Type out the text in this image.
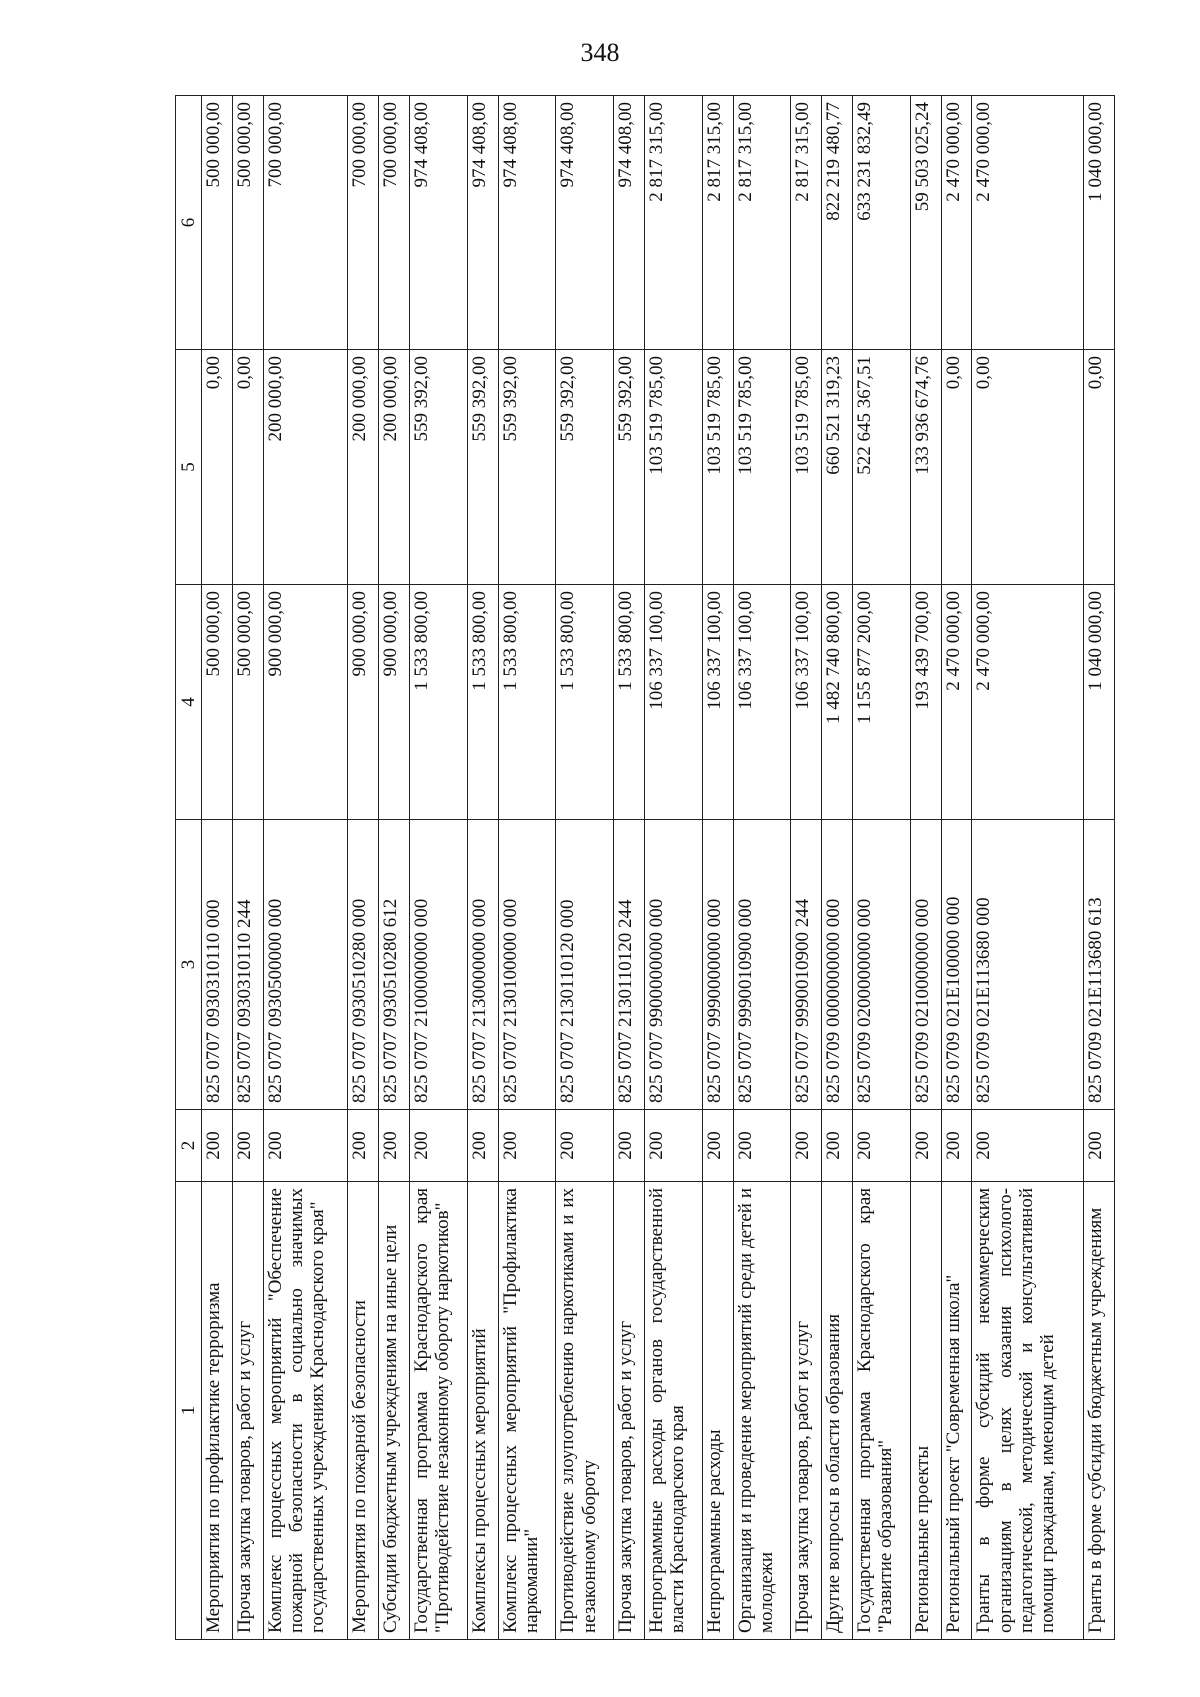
348
1	2	3	4	5	6
Мероприятия по профилактике терроризма	200	825 0707 0930310110 000	500 000,00	0,00	500 000,00
Прочая закупка товаров, работ и услуг	200	825 0707 0930310110 244	500 000,00	0,00	500 000,00
Комплекс процессных мероприятий "Обеспечение пожарной безопасности в социально значимых государственных учреждениях Краснодарского края"	200	825 0707 0930500000 000	900 000,00	200 000,00	700 000,00
Мероприятия по пожарной безопасности	200	825 0707 0930510280 000	900 000,00	200 000,00	700 000,00
Субсидии бюджетным учреждениям на иные цели	200	825 0707 0930510280 612	900 000,00	200 000,00	700 000,00
Государственная программа Краснодарского края "Противодействие незаконному обороту наркотиков"	200	825 0707 2100000000 000	1 533 800,00	559 392,00	974 408,00
Комплексы процессных мероприятий	200	825 0707 2130000000 000	1 533 800,00	559 392,00	974 408,00
Комплекс процессных мероприятий "Профилактика наркомании"	200	825 0707 2130100000 000	1 533 800,00	559 392,00	974 408,00
Противодействие злоупотреблению наркотиками и их незаконному обороту	200	825 0707 2130110120 000	1 533 800,00	559 392,00	974 408,00
Прочая закупка товаров, работ и услуг	200	825 0707 2130110120 244	1 533 800,00	559 392,00	974 408,00
Непрограммные расходы органов государственной власти Краснодарского края	200	825 0707 9900000000 000	106 337 100,00	103 519 785,00	2 817 315,00
Непрограммные расходы	200	825 0707 9990000000 000	106 337 100,00	103 519 785,00	2 817 315,00
Организация и проведение мероприятий среди детей и молодежи	200	825 0707 9990010900 000	106 337 100,00	103 519 785,00	2 817 315,00
Прочая закупка товаров, работ и услуг	200	825 0707 9990010900 244	106 337 100,00	103 519 785,00	2 817 315,00
Другие вопросы в области образования	200	825 0709 0000000000 000	1 482 740 800,00	660 521 319,23	822 219 480,77
Государственная программа Краснодарского края "Развитие образования"	200	825 0709 0200000000 000	1 155 877 200,00	522 645 367,51	633 231 832,49
Региональные проекты	200	825 0709 0210000000 000	193 439 700,00	133 936 674,76	59 503 025,24
Региональный проект "Современная школа"	200	825 0709 021E100000 000	2 470 000,00	0,00	2 470 000,00
Гранты в форме субсидий некоммерческим организациям в целях оказания психолого-педагогической, методической и консультативной помощи гражданам, имеющим детей	200	825 0709 021E113680 000	2 470 000,00	0,00	2 470 000,00
Гранты в форме субсидии бюджетным учреждениям	200	825 0709 021E113680 613	1 040 000,00	0,00	1 040 000,00
